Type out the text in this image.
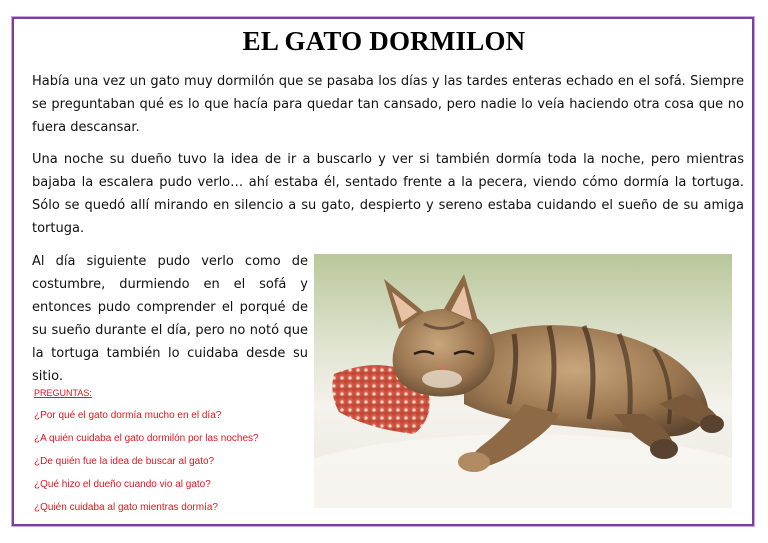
EL GATO DORMILON

Había una vez un gato muy dormilón que se pasaba los días y las tardes enteras echado en el sofá. Siempre se preguntaban qué es lo que hacía para quedar tan cansado, pero nadie lo veía haciendo otra cosa que no fuera descansar.

Una noche su dueño tuvo la idea de ir a buscarlo y ver si también dormía toda la noche, pero mientras bajaba la escalera pudo verlo… ahí estaba él, sentado frente a la pecera, viendo cómo dormía la tortuga. Sólo se quedó allí mirando en silencio a su gato, despierto y sereno estaba cuidando el sueño de su amiga tortuga.

Al día siguiente pudo verlo como de costumbre, durmiendo en el sofá y entonces pudo comprender el porqué de su sueño durante el día, pero no notó que la tortuga también lo cuidaba desde su sitio.

PREGUNTAS:
¿Por qué el gato dormía mucho en el día?
¿A quién cuidaba el gato dormilón por las noches?
¿De quién fue la idea de buscar al gato?
¿Qué hizo el dueño cuando vio al gato?
¿Quién cuidaba al gato mientras dormía?
